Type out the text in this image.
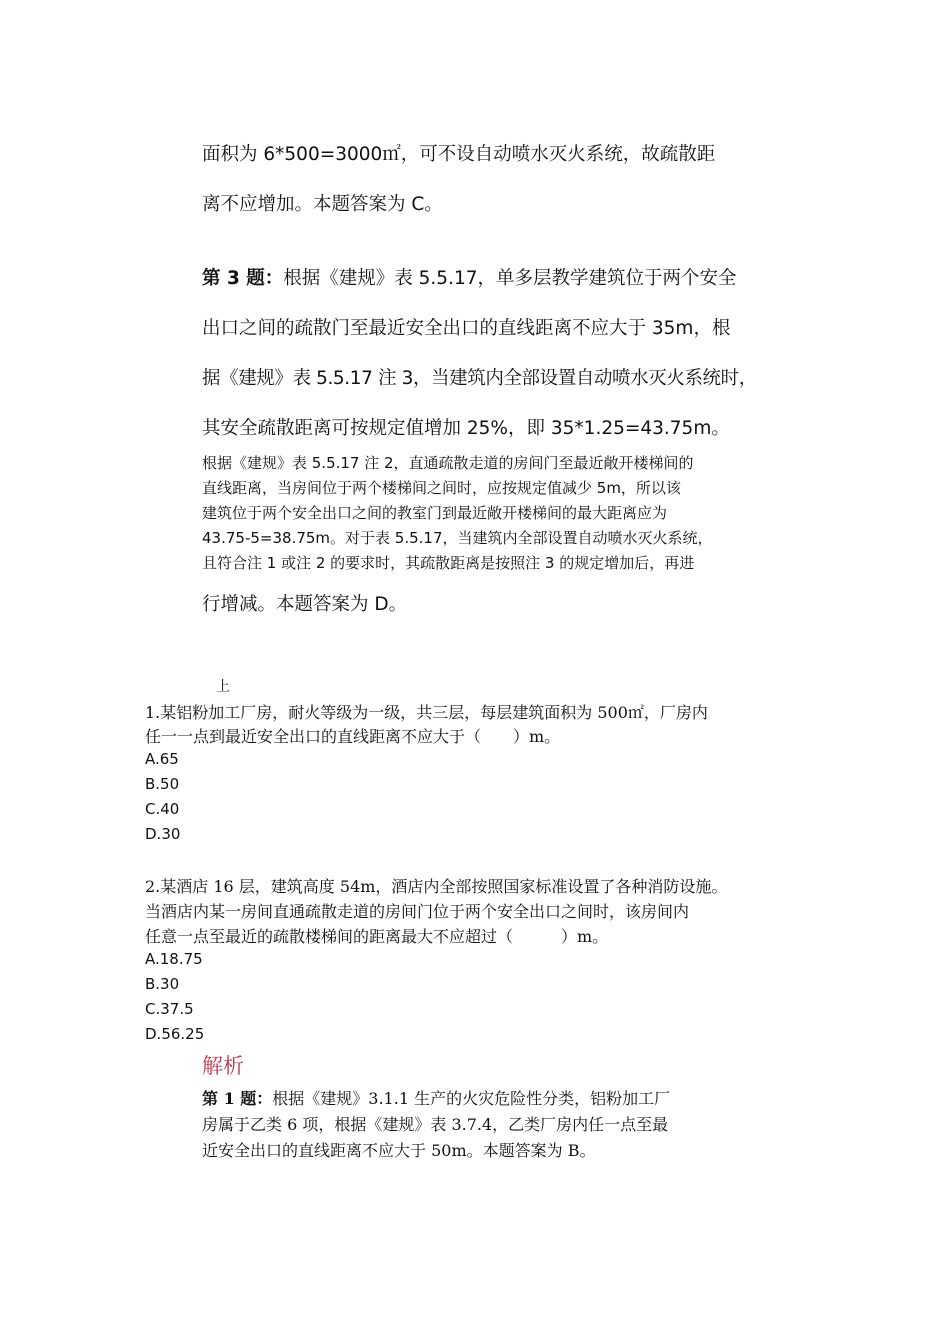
面积为 6*500=3000㎡，可不设自动喷水灭火系统，故疏散距

离不应增加。本题答案为 C。

第 3 题：根据《建规》表 5.5.17，单多层教学建筑位于两个安全

出口之间的疏散门至最近安全出口的直线距离不应大于 35m，根

据《建规》表 5.5.17 注 3，当建筑内全部设置自动喷水灭火系统时，

其安全疏散距离可按规定值增加 25%，即 35*1.25=43.75m。

根据《建规》表 5.5.17 注 2，直通疏散走道的房间门至最近敞开楼梯间的

直线距离，当房间位于两个楼梯间之间时，应按规定值减少 5m，所以该

建筑位于两个安全出口之间的教室门到最近敞开楼梯间的最大距离应为

43.75-5=38.75m。对于表 5.5.17，当建筑内全部设置自动喷水灭火系统，

且符合注 1 或注 2 的要求时，其疏散距离是按照注 3 的规定增加后，再进

行增减。本题答案为 D。

上

1.某铝粉加工厂房，耐火等级为一级，共三层，每层建筑面积为 500㎡，厂房内

任一一点到最近安全出口的直线距离不应大于（　　）m。

A.65

B.50

C.40

D.30

2.某酒店 16 层，建筑高度 54m，酒店内全部按照国家标准设置了各种消防设施。

当酒店内某一房间直通疏散走道的房间门位于两个安全出口之间时，该房间内

任意一点至最近的疏散楼梯间的距离最大不应超过（　　　）m。

A.18.75

B.30

C.37.5

D.56.25

解析

第 1 题：根据《建规》3.1.1 生产的火灾危险性分类，铝粉加工厂

房属于乙类 6 项，根据《建规》表 3.7.4，乙类厂房内任一点至最

近安全出口的直线距离不应大于 50m。本题答案为 B。
